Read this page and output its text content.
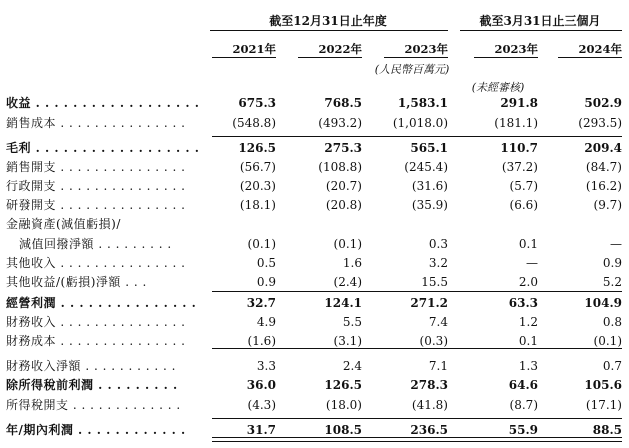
截至12月31日止年度	截至3月31日止三個月
2021年	2022年	2023年	2023年	2024年
(人民幣百萬元)
(未經審核)
收益 . . . . . . . . . . . . . . . . . .	675.3	768.5	1,583.1	291.8	502.9
銷售成本 . . . . . . . . . . . . . . .	(548.8)	(493.2)	(1,018.0)	(181.1)	(293.5)
毛利 . . . . . . . . . . . . . . . . . .	126.5	275.3	565.1	110.7	209.4
銷售開支 . . . . . . . . . . . . . . .	(56.7)	(108.8)	(245.4)	(37.2)	(84.7)
行政開支 . . . . . . . . . . . . . . .	(20.3)	(20.7)	(31.6)	(5.7)	(16.2)
研發開支 . . . . . . . . . . . . . . .	(18.1)	(20.8)	(35.9)	(6.6)	(9.7)
金融資產(減值虧損)/
減值回撥淨額 . . . . . . . . .	(0.1)	(0.1)	0.3	0.1	—
其他收入 . . . . . . . . . . . . . . .	0.5	1.6	3.2	—	0.9
其他收益/(虧損)淨額 . . .	0.9	(2.4)	15.5	2.0	5.2
經營利潤 . . . . . . . . . . . . . . .	32.7	124.1	271.2	63.3	104.9
財務收入 . . . . . . . . . . . . . . .	4.9	5.5	7.4	1.2	0.8
財務成本 . . . . . . . . . . . . . . .	(1.6)	(3.1)	(0.3)	0.1	(0.1)
財務收入淨額 . . . . . . . . . . .	3.3	2.4	7.1	1.3	0.7
除所得稅前利潤 . . . . . . . . .	36.0	126.5	278.3	64.6	105.6
所得稅開支 . . . . . . . . . . . . .	(4.3)	(18.0)	(41.8)	(8.7)	(17.1)
年/期內利潤 . . . . . . . . . . . .	31.7	108.5	236.5	55.9	88.5
